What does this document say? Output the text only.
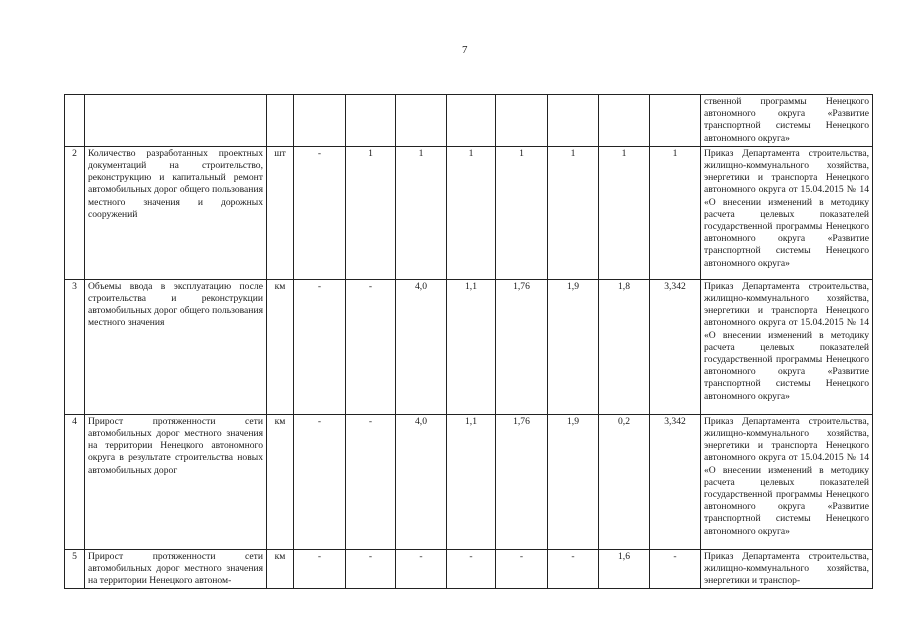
7
											ственной программы Ненецкого автономного округа «Развитие транспортной системы Ненецкого автономного округа»
2	Количество разработанных проектных документаций на строительство, реконструкцию и капитальный ремонт автомобильных дорог общего пользования местного значения и дорожных сооружений	шт	-	1	1	1	1	1	1	1	Приказ Департамента строительства, жилищно-коммунального хозяйства, энергетики и транспорта Ненецкого автономного округа от 15.04.2015 № 14 «О внесении изменений в методику расчета целевых показателей государственной программы Ненецкого автономного округа «Развитие транспортной системы Ненецкого автономного округа»
3	Объемы ввода в эксплуатацию после строительства и реконструкции автомобильных дорог общего пользования местного значения	км	-	-	4,0	1,1	1,76	1,9	1,8	3,342	Приказ Департамента строительства, жилищно-коммунального хозяйства, энергетики и транспорта Ненецкого автономного округа от 15.04.2015 № 14 «О внесении изменений в методику расчета целевых показателей государственной программы Ненецкого автономного округа «Развитие транспортной системы Ненецкого автономного округа»
4	Прирост протяженности сети автомобильных дорог местного значения на территории Ненецкого автономного округа в результате строительства новых автомобильных дорог	км	-	-	4,0	1,1	1,76	1,9	0,2	3,342	Приказ Департамента строительства, жилищно-коммунального хозяйства, энергетики и транспорта Ненецкого автономного округа от 15.04.2015 № 14 «О внесении изменений в методику расчета целевых показателей государственной программы Ненецкого автономного округа «Развитие транспортной системы Ненецкого автономного округа»
5	Прирост протяженности сети автомобильных дорог местного значения на территории Ненецкого автоном-	км	-	-	-	-	-	-	1,6	-	Приказ Департамента строительства, жилищно-коммунального хозяйства, энергетики и транспор-
